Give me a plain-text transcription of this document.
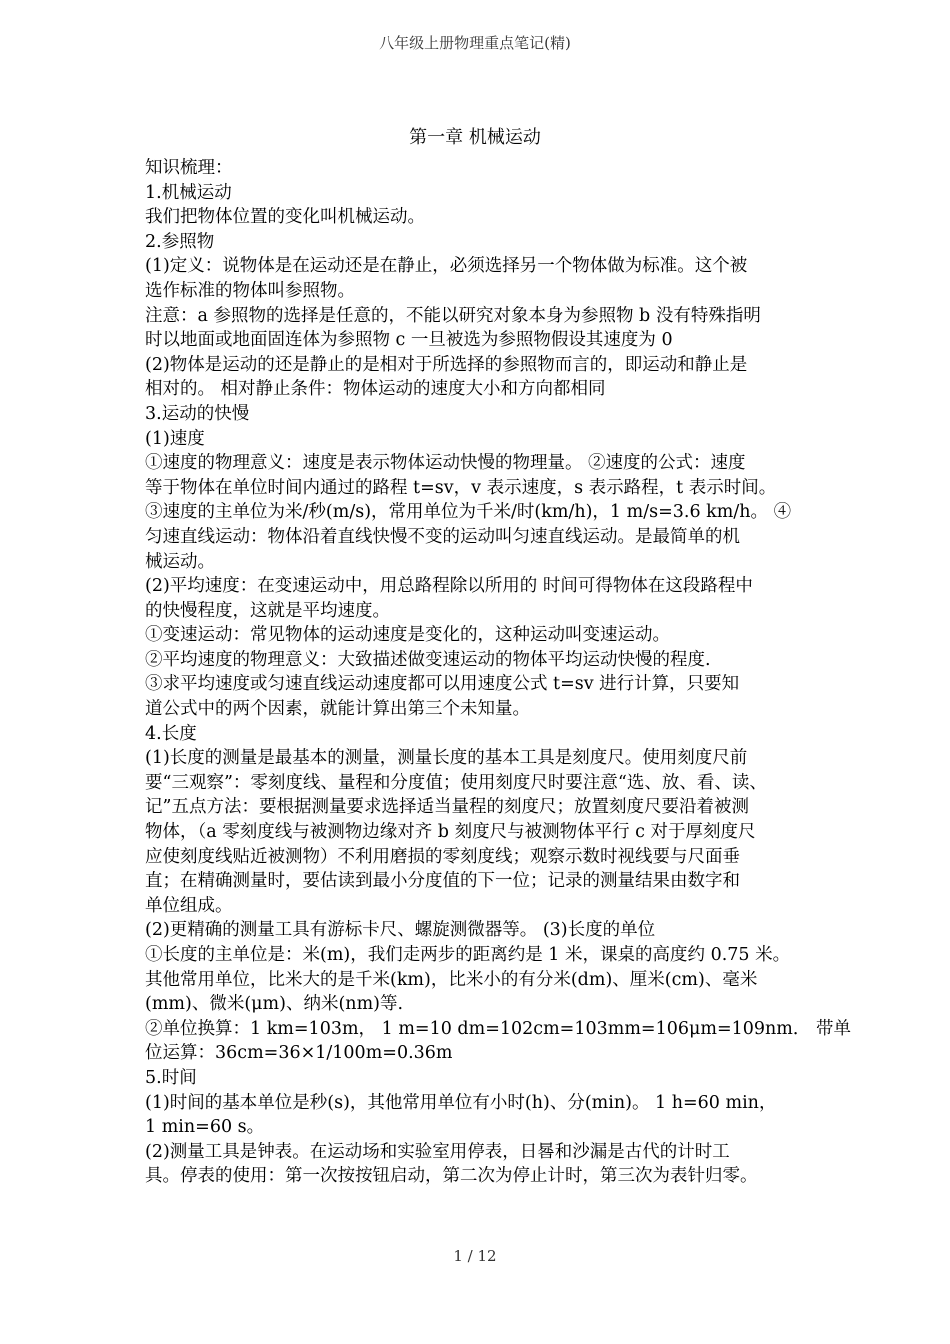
八年级上册物理重点笔记(精)
第一章 机械运动
知识梳理：
1.机械运动
我们把物体位置的变化叫机械运动。
2.参照物
(1)定义：说物体是在运动还是在静止，必须选择另一个物体做为标准。这个被
选作标准的物体叫参照物。
注意：a 参照物的选择是任意的，不能以研究对象本身为参照物 b 没有特殊指明
时以地面或地面固连体为参照物 c 一旦被选为参照物假设其速度为 0
(2)物体是运动的还是静止的是相对于所选择的参照物而言的，即运动和静止是
相对的。 相对静止条件：物体运动的速度大小和方向都相同
3.运动的快慢
(1)速度
①速度的物理意义：速度是表示物体运动快慢的物理量。 ②速度的公式：速度
等于物体在单位时间内通过的路程 t=sv，v 表示速度，s 表示路程，t 表示时间。
③速度的主单位为米/秒(m/s)，常用单位为千米/时(km/h)，1 m/s=3.6 km/h。 ④
匀速直线运动：物体沿着直线快慢不变的运动叫匀速直线运动。是最简单的机
械运动。
(2)平均速度：在变速运动中，用总路程除以所用的 时间可得物体在这段路程中
的快慢程度，这就是平均速度。
①变速运动：常见物体的运动速度是变化的，这种运动叫变速运动。
②平均速度的物理意义：大致描述做变速运动的物体平均运动快慢的程度.
③求平均速度或匀速直线运动速度都可以用速度公式 t=sv 进行计算，只要知
道公式中的两个因素，就能计算出第三个未知量。
4.长度
(1)长度的测量是最基本的测量，测量长度的基本工具是刻度尺。使用刻度尺前
要“三观察”：零刻度线、量程和分度值；使用刻度尺时要注意“选、放、看、读、
记”五点方法：要根据测量要求选择适当量程的刻度尺；放置刻度尺要沿着被测
物体，（a 零刻度线与被测物边缘对齐 b 刻度尺与被测物体平行 c 对于厚刻度尺
应使刻度线贴近被测物）不利用磨损的零刻度线；观察示数时视线要与尺面垂
直；在精确测量时，要估读到最小分度值的下一位；记录的测量结果由数字和
单位组成。
(2)更精确的测量工具有游标卡尺、螺旋测微器等。 (3)长度的单位
①长度的主单位是：米(m)，我们走两步的距离约是 1 米，课桌的高度约 0.75 米。
其他常用单位，比米大的是千米(km)，比米小的有分米(dm)、厘米(cm)、毫米
(mm)、微米(μm)、纳米(nm)等.
②单位换算：1 km=103m， 1 m=10 dm=102cm=103mm=106μm=109nm． 带单
位运算：36cm=36×1/100m=0.36m
5.时间
(1)时间的基本单位是秒(s)，其他常用单位有小时(h)、分(min)。 1 h=60 min，
1 min=60 s。
(2)测量工具是钟表。在运动场和实验室用停表，日晷和沙漏是古代的计时工
具。停表的使用：第一次按按钮启动，第二次为停止计时，第三次为表针归零。
1 / 12
